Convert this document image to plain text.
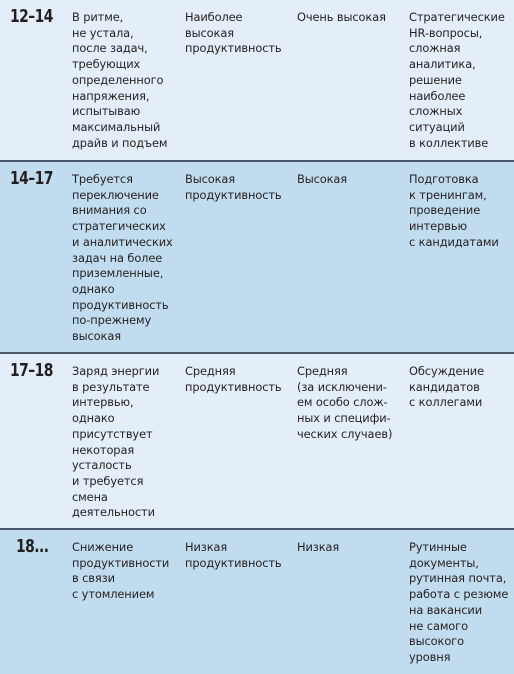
12–14 В ритме,
не устала,
после задач,
требующих
определенного
напряжения,
испытываю
максимальный
драйв и подъем
Наиболее
высокая
продуктивность
Очень высокая Стратегические
HR-вопросы,
сложная
аналитика,
решение
наиболее
сложных
ситуаций
в коллективе
14–17 Требуется
переключение
внимания со
стратегических
и аналитических
задач на более
приземленные,
однако
продуктивность
по-прежнему
высокая
Высокая
продуктивность
Высокая	Подготовка
к тренингам,
проведение
интервью
с кандидатами
17–18 Заряд энергии
в результате
интервью,
однако
присутствует
некоторая
усталость
и требуется
смена
деятельности
Средняя
продуктивность
Средняя
(за исключени-
ем особо слож-
ных и специфи-
ческих случаев)
Обсуждение
кандидатов
с коллегами
18... Снижение
продуктивности
в связи
с утомлением
Низкая
продуктивность
Низкая	Рутинные
документы,
рутинная почта,
работа с резюме
на вакансии
не самого
высокого
уровня
